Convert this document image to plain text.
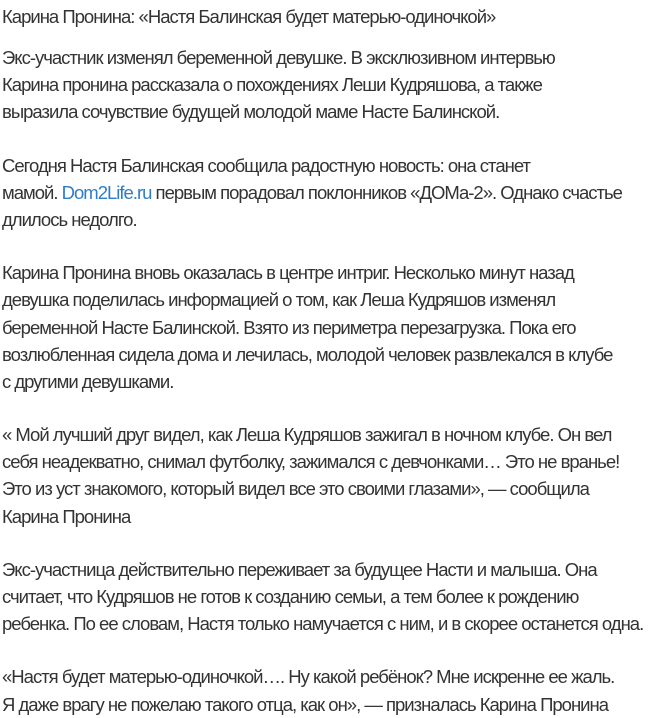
Карина Пронина: «Настя Балинская будет матерью-одиночкой»
Экс-участник изменял беременной девушке. В эксклюзивном интервью
Карина пронина рассказала о похождениях Леши Кудряшова, а также
выразила сочувствие будущей молодой маме Насте Балинской.
Сегодня Настя Балинская сообщила радостную новость: она станет
мамой. Dom2Life.ru первым порадовал поклонников «ДОМа-2». Однако счастье
длилось недолго.
Карина Пронина вновь оказалась в центре интриг. Несколько минут назад
девушка поделилась информацией о том, как Леша Кудряшов изменял
беременной Насте Балинской. Взято из периметра перезагрузка. Пока его
возлюбленная сидела дома и лечилась, молодой человек развлекался в клубе
с другими девушками.
« Мой лучший друг видел, как Леша Кудряшов зажигал в ночном клубе. Он вел
себя неадекватно, снимал футболку, зажимался с девчонками… Это не вранье!
Это из уст знакомого, который видел все это своими глазами», — сообщила
Карина Пронина
Экс-участница действительно переживает за будущее Насти и малыша. Она
считает, что Кудряшов не готов к созданию семьи, а тем более к рождению
ребенка. По ее словам, Настя только намучается с ним, и в скорее останется одна.
«Настя будет матерью-одиночкой…. Ну какой ребёнок? Мне искренне ее жаль.
Я даже врагу не пожелаю такого отца, как он», — призналась Карина Пронина
